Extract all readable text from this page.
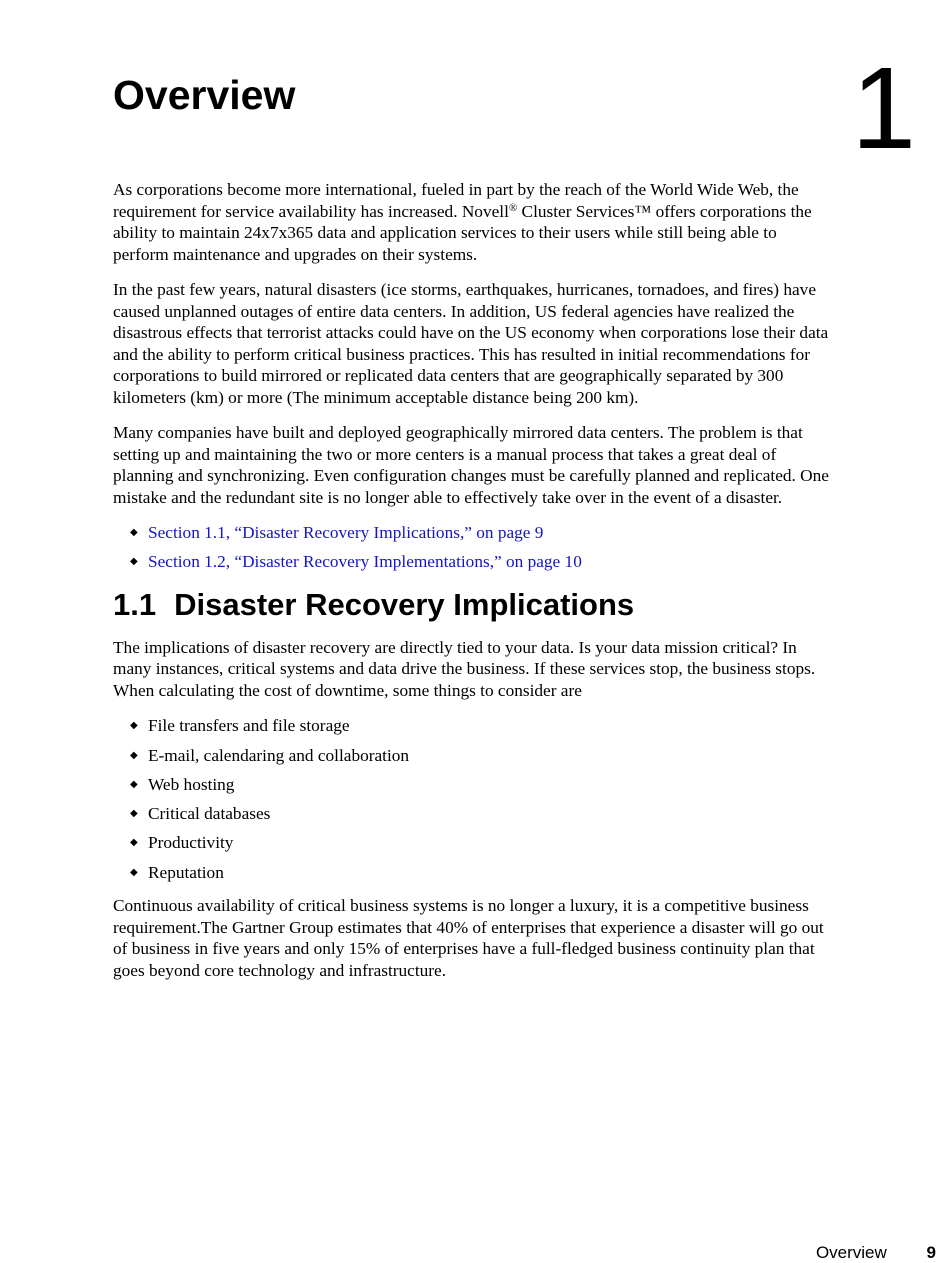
1
Overview

As corporations become more international, fueled in part by the reach of the World Wide Web, the requirement for service availability has increased. Novell® Cluster Services™ offers corporations the ability to maintain 24x7x365 data and application services to their users while still being able to perform maintenance and upgrades on their systems.

In the past few years, natural disasters (ice storms, earthquakes, hurricanes, tornadoes, and fires) have caused unplanned outages of entire data centers. In addition, US federal agencies have realized the disastrous effects that terrorist attacks could have on the US economy when corporations lose their data and the ability to perform critical business practices. This has resulted in initial recommendations for corporations to build mirrored or replicated data centers that are geographically separated by 300 kilometers (km) or more (The minimum acceptable distance being 200 km).

Many companies have built and deployed geographically mirrored data centers. The problem is that setting up and maintaining the two or more centers is a manual process that takes a great deal of planning and synchronizing. Even configuration changes must be carefully planned and replicated. One mistake and the redundant site is no longer able to effectively take over in the event of a disaster.

◆ Section 1.1, “Disaster Recovery Implications,” on page 9
◆ Section 1.2, “Disaster Recovery Implementations,” on page 10
1.1 Disaster Recovery Implications

The implications of disaster recovery are directly tied to your data. Is your data mission critical? In many instances, critical systems and data drive the business. If these services stop, the business stops. When calculating the cost of downtime, some things to consider are

◆ File transfers and file storage
◆ E-mail, calendaring and collaboration
◆ Web hosting
◆ Critical databases
◆ Productivity
◆ Reputation

Continuous availability of critical business systems is no longer a luxury, it is a competitive business requirement.The Gartner Group estimates that 40% of enterprises that experience a disaster will go out of business in five years and only 15% of enterprises have a full-fledged business continuity plan that goes beyond core technology and infrastructure.

Overview 9
